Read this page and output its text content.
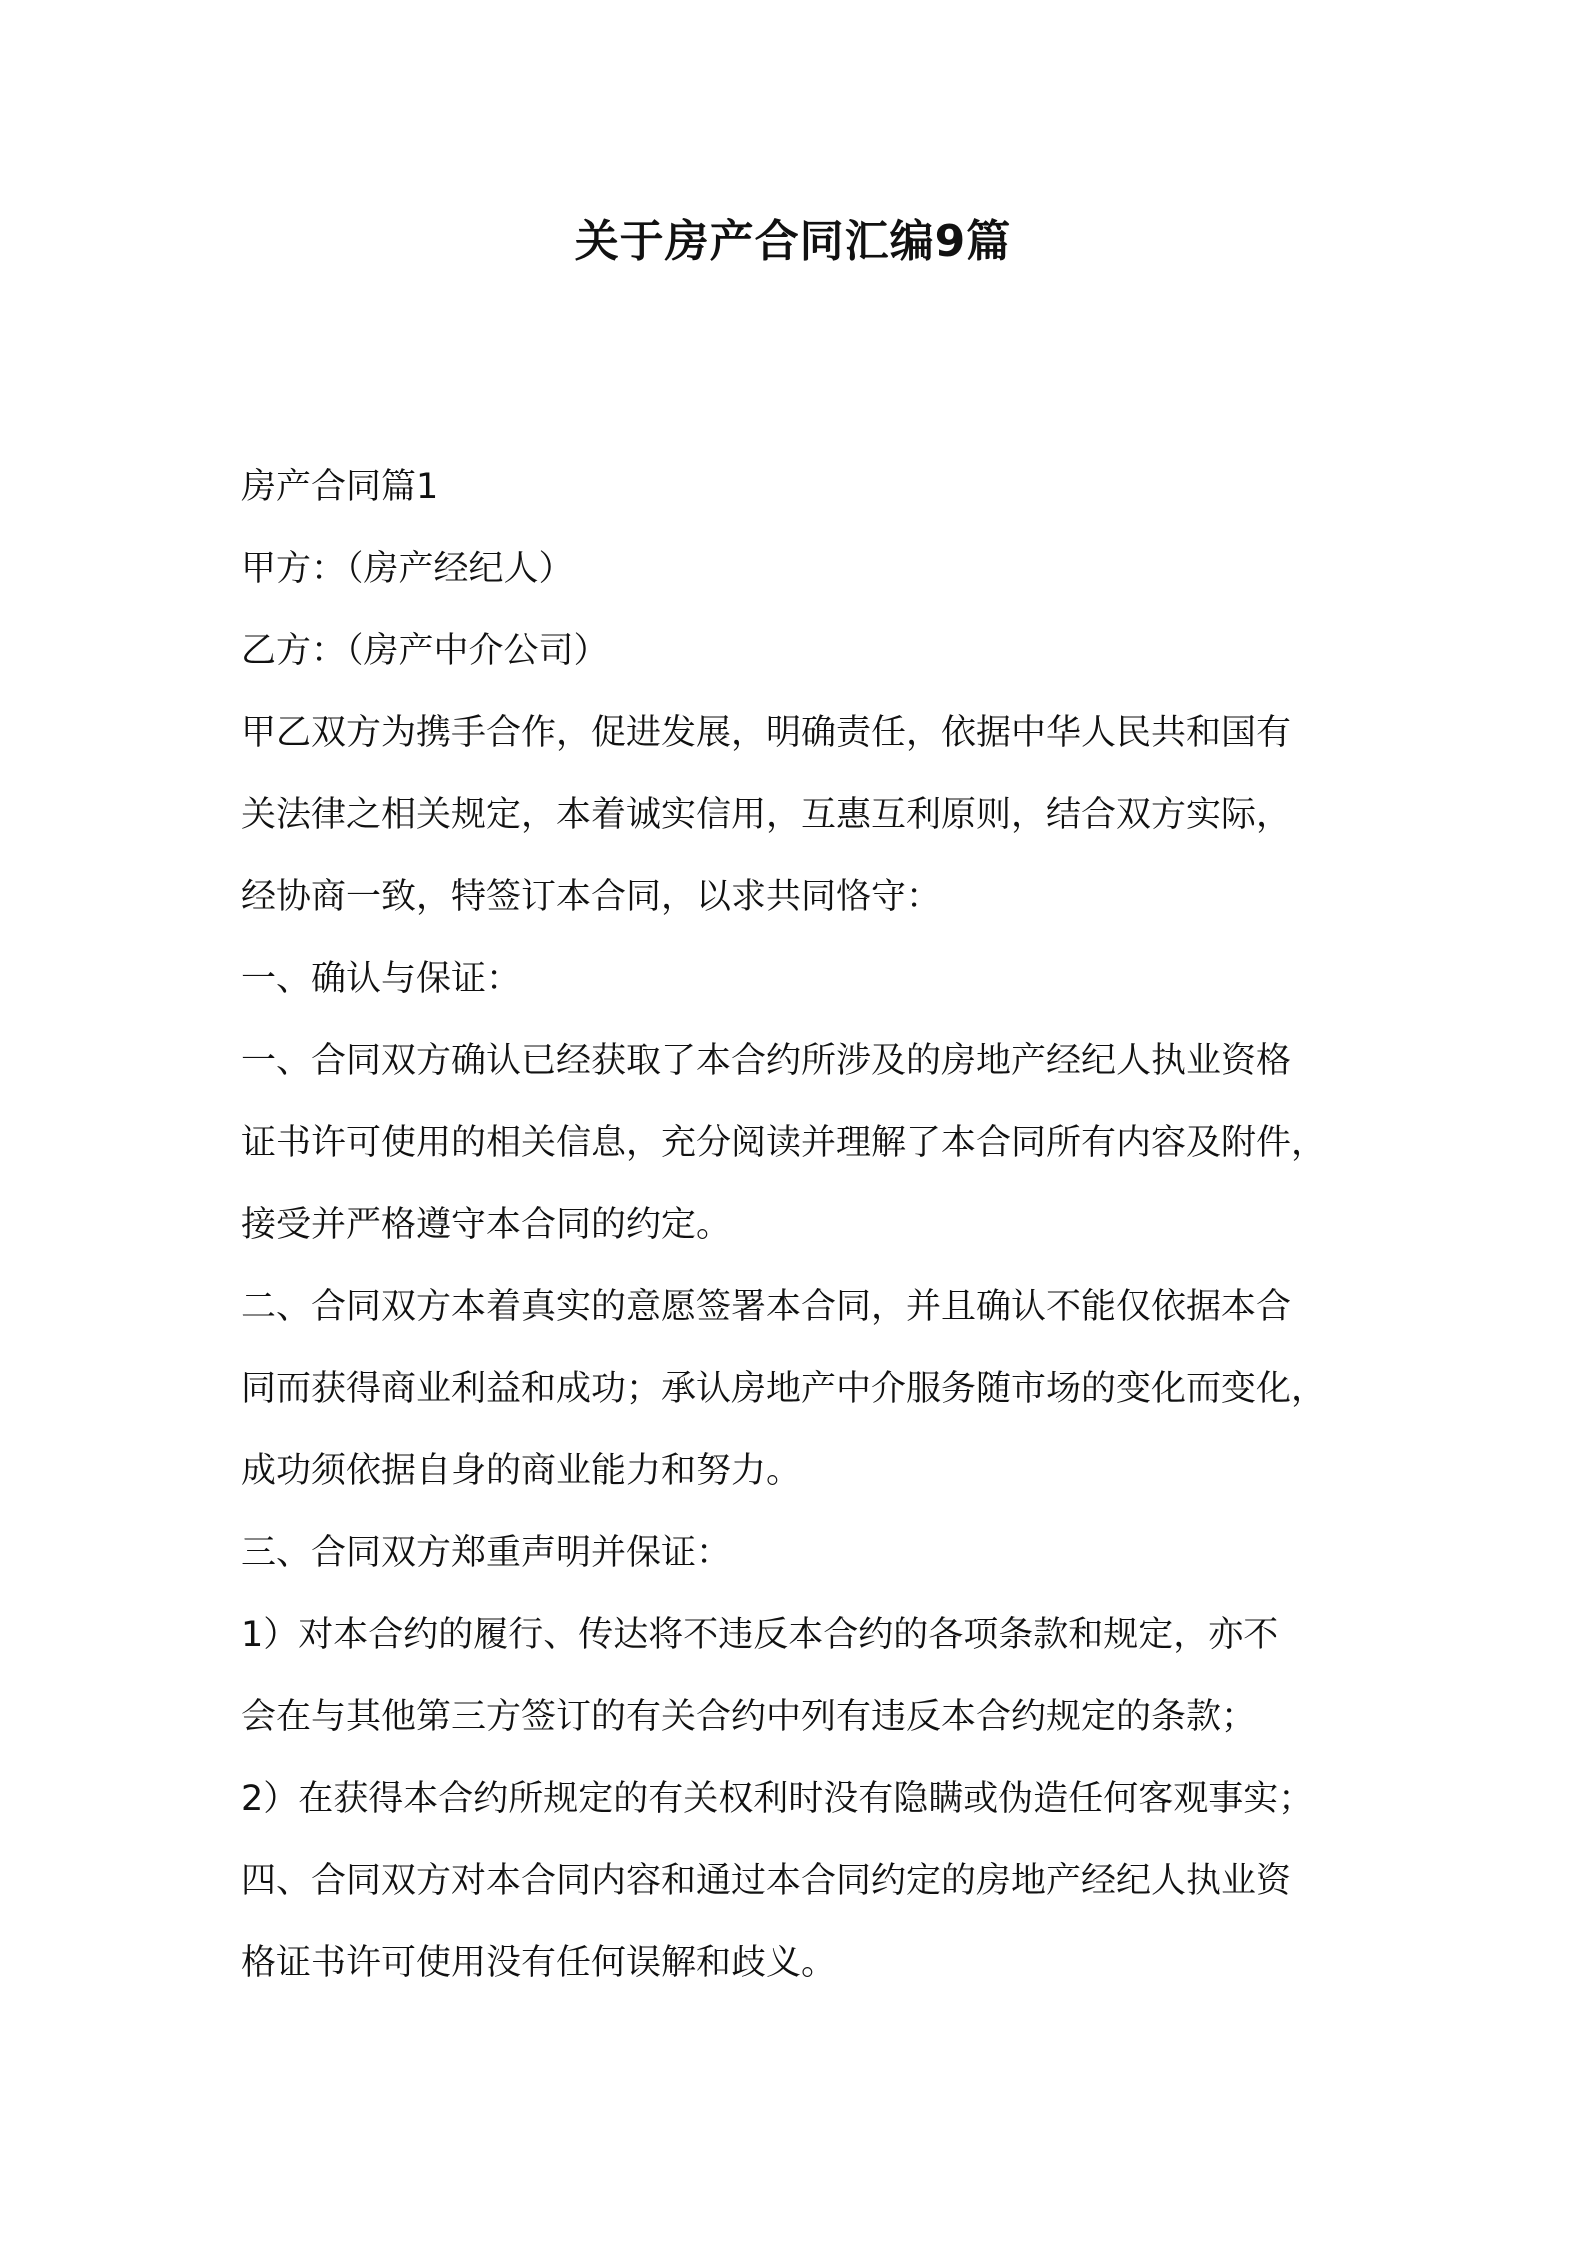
关于房产合同汇编9篇
房产合同篇1
甲方：（房产经纪人）
乙方：（房产中介公司）
甲乙双方为携手合作，促进发展，明确责任，依据中华人民共和国有
关法律之相关规定，本着诚实信用，互惠互利原则，结合双方实际，
经协商一致，特签订本合同，以求共同恪守：
一、确认与保证：
一、合同双方确认已经获取了本合约所涉及的房地产经纪人执业资格
证书许可使用的相关信息，充分阅读并理解了本合同所有内容及附件，
接受并严格遵守本合同的约定。
二、合同双方本着真实的意愿签署本合同，并且确认不能仅依据本合
同而获得商业利益和成功；承认房地产中介服务随市场的变化而变化，
成功须依据自身的商业能力和努力。
三、合同双方郑重声明并保证：
1）对本合约的履行、传达将不违反本合约的各项条款和规定，亦不
会在与其他第三方签订的有关合约中列有违反本合约规定的条款；
2）在获得本合约所规定的有关权利时没有隐瞒或伪造任何客观事实；
四、合同双方对本合同内容和通过本合同约定的房地产经纪人执业资
格证书许可使用没有任何误解和歧义。
